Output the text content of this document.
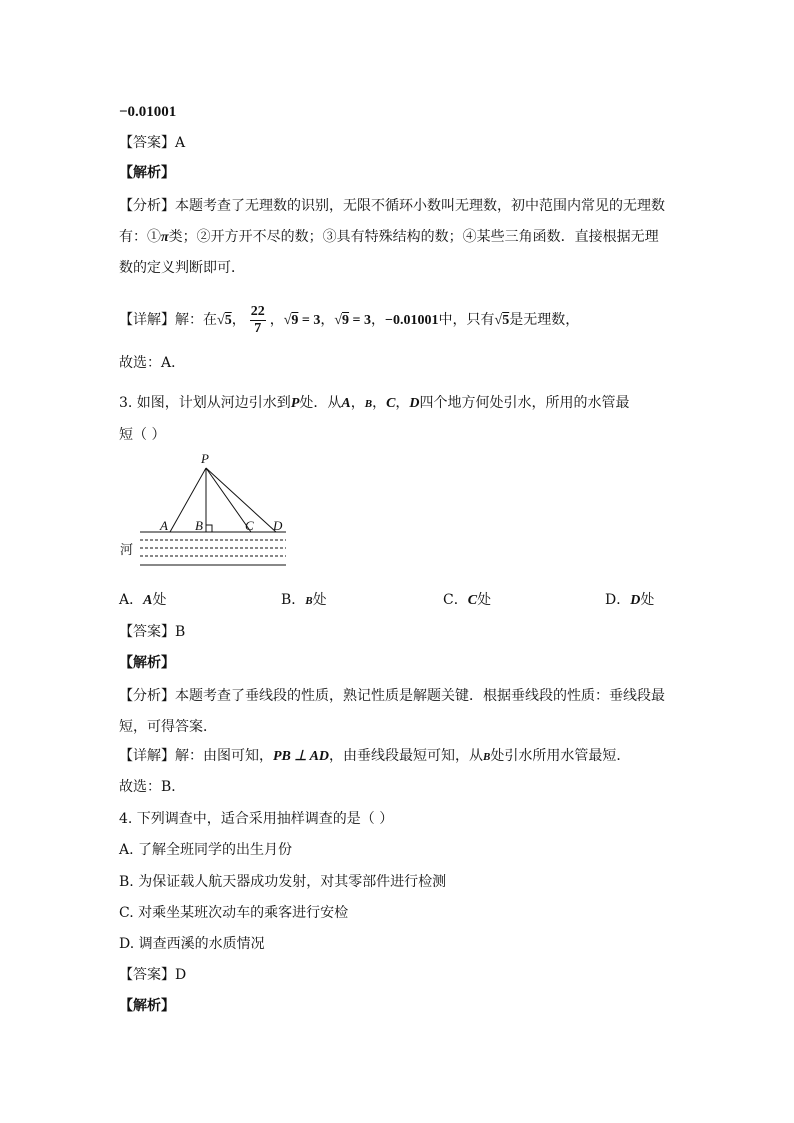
−0.01001
【答案】A
【解析】
【分析】本题考查了无理数的识别，无限不循环小数叫无理数，初中范围内常见的无理数
有：①π类；②开方开不尽的数；③具有特殊结构的数；④某些三角函数．直接根据无理
数的定义判断即可．
【详解】解：在√5， $\frac{22}{7}$ ，√9 = 3，√9 = 3，−0.01001中，只有√5是无理数，
故选：A．
3. 如图，计划从河边引水到P处．从A，B，C，D四个地方何处引水，所用的水管最
短（ ）
P
A B	C D
河
A．A处	B．B处	C．C处	D．D处
【答案】B
【解析】
【分析】本题考查了垂线段的性质，熟记性质是解题关键．根据垂线段的性质：垂线段最
短，可得答案．
【详解】解：由图可知，PB ⊥ AD，由垂线段最短可知，从B处引水所用水管最短．
故选：B．
4. 下列调查中，适合采用抽样调查的是（ ）
A. 了解全班同学的出生月份
B. 为保证载人航天器成功发射，对其零部件进行检测
C. 对乘坐某班次动车的乘客进行安检
D. 调查西溪的水质情况
【答案】D
【解析】
